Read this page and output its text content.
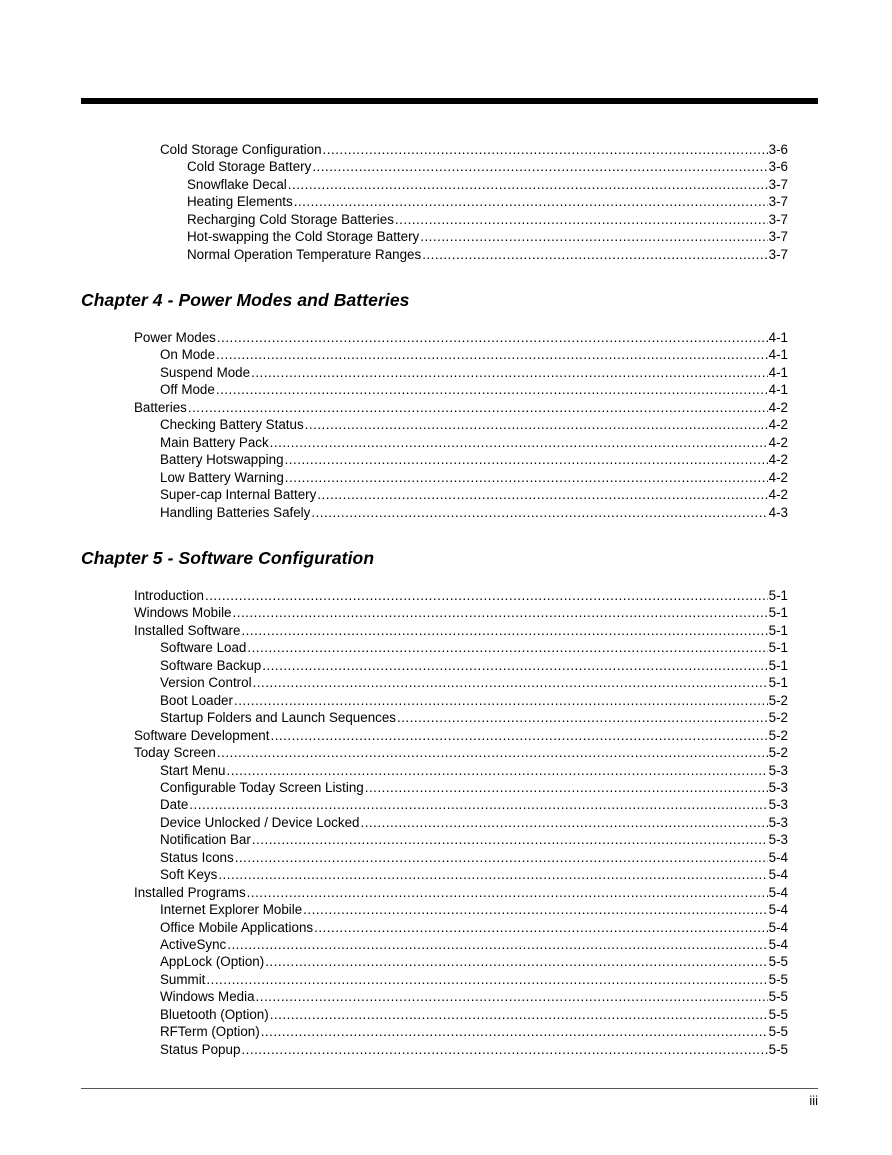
Chapter 4 - Power Modes and Batteries
Chapter 5 - Software Configuration
Cold Storage Configuration .....	3-6
Cold Storage Battery .....	3-6
Snowflake Decal .....	3-7
Heating Elements .....	3-7
Recharging Cold Storage Batteries .....	3-7
Hot-swapping the Cold Storage Battery .....	3-7
Normal Operation Temperature Ranges .....	3-7
Power Modes .....	4-1
On Mode .....	4-1
Suspend Mode .....	4-1
Off Mode .....	4-1
Batteries .....	4-2
Checking Battery Status .....	4-2
Main Battery Pack .....	4-2
Battery Hotswapping .....	4-2
Low Battery Warning .....	4-2
Super-cap Internal Battery .....	4-2
Handling Batteries Safely .....	4-3
Introduction .....	5-1
Windows Mobile .....	5-1
Installed Software .....	5-1
Software Load .....	5-1
Software Backup .....	5-1
Version Control .....	5-1
Boot Loader .....	5-2
Startup Folders and Launch Sequences .....	5-2
Software Development .....	5-2
Today Screen .....	5-2
Start Menu .....	5-3
Configurable Today Screen Listing .....	5-3
Date .....	5-3
Device Unlocked / Device Locked .....	5-3
Notification Bar .....	5-3
Status Icons .....	5-4
Soft Keys .....	5-4
Installed Programs .....	5-4
Internet Explorer Mobile .....	5-4
Office Mobile Applications .....	5-4
ActiveSync .....	5-4
AppLock (Option) .....	5-5
Summit .....	5-5
Windows Media .....	5-5
Bluetooth (Option) .....	5-5
RFTerm (Option) .....	5-5
Status Popup .....	5-5
iii
